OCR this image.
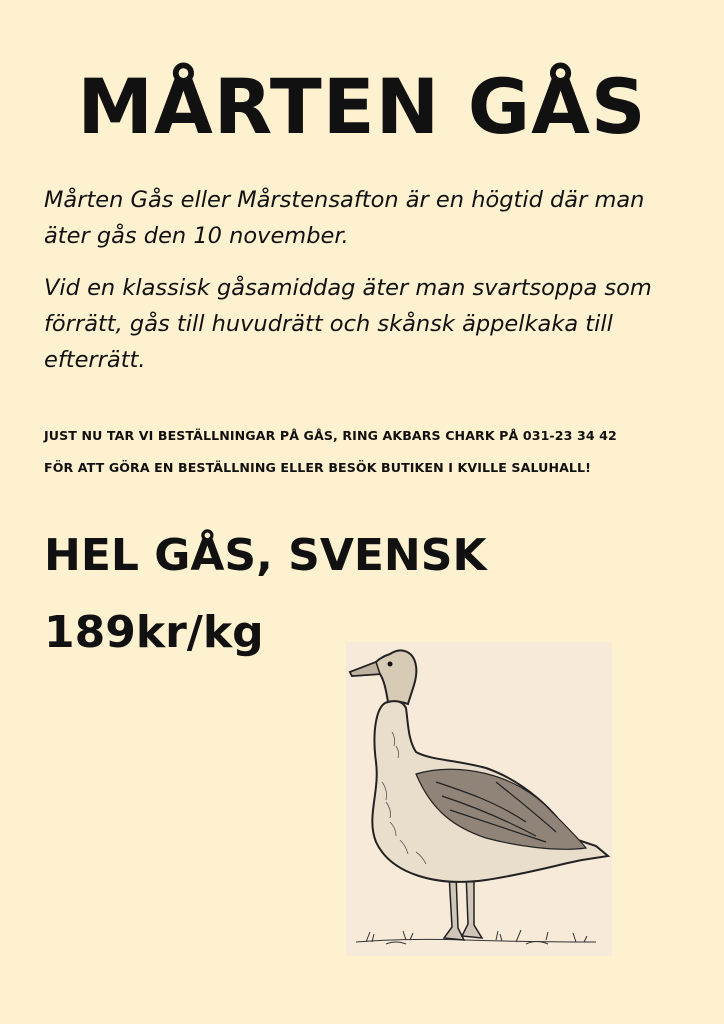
MÅRTEN GÅS

Mårten Gås eller Mårstensafton är en högtid där man äter gås den 10 november.

Vid en klassisk gåsamiddag äter man svartsoppa som förrätt, gås till huvudrätt och skånsk äppelkaka till efterrätt.

JUST NU TAR VI BESTÄLLNINGAR PÅ GÅS, RING AKBARS CHARK PÅ 031-23 34 42

FÖR ATT GÖRA EN BESTÄLLNING ELLER BESÖK BUTIKEN I KVILLE SALUHALL!

HEL GÅS, SVENSK

189kr/kg
